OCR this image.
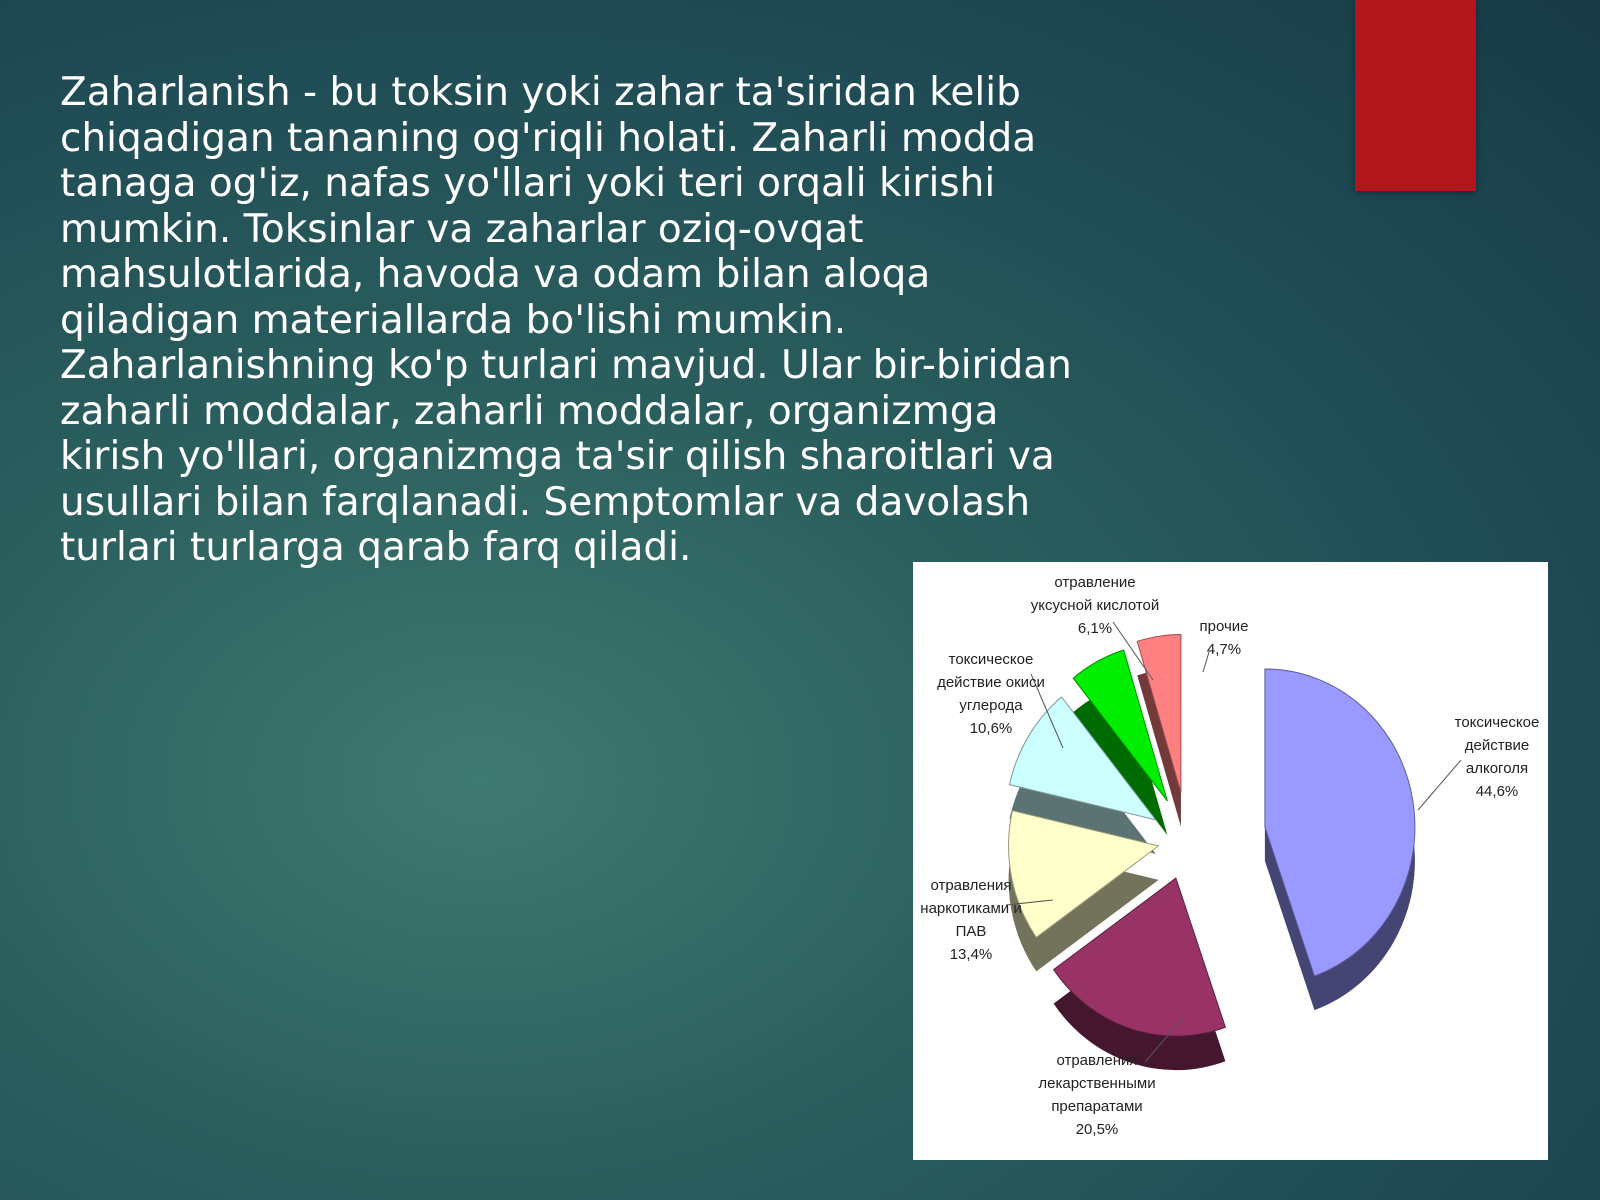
Zaharlanish - bu toksin yoki zahar ta'siridan kelib
chiqadigan tananing og'riqli holati. Zaharli modda
tanaga og'iz, nafas yo'llari yoki teri orqali kirishi
mumkin. Toksinlar va zaharlar oziq-ovqat
mahsulotlarida, havoda va odam bilan aloqa
qiladigan materiallarda bo'lishi mumkin.
Zaharlanishning ko'p turlari mavjud. Ular bir-biridan
zaharli moddalar, zaharli moddalar, organizmga
kirish yo'llari, organizmga ta'sir qilish sharoitlari va
usullari bilan farqlanadi. Semptomlar va davolash
turlari turlarga qarab farq qiladi.
токсическое действие алкоголя 44,6%
отравления лекарственными препаратами 20,5%
отравления наркотиками и ПАВ 13,4%
токсическое действие окиси углерода 10,6%
отравление уксусной кислотой 6,1%	прочие 4,7%
